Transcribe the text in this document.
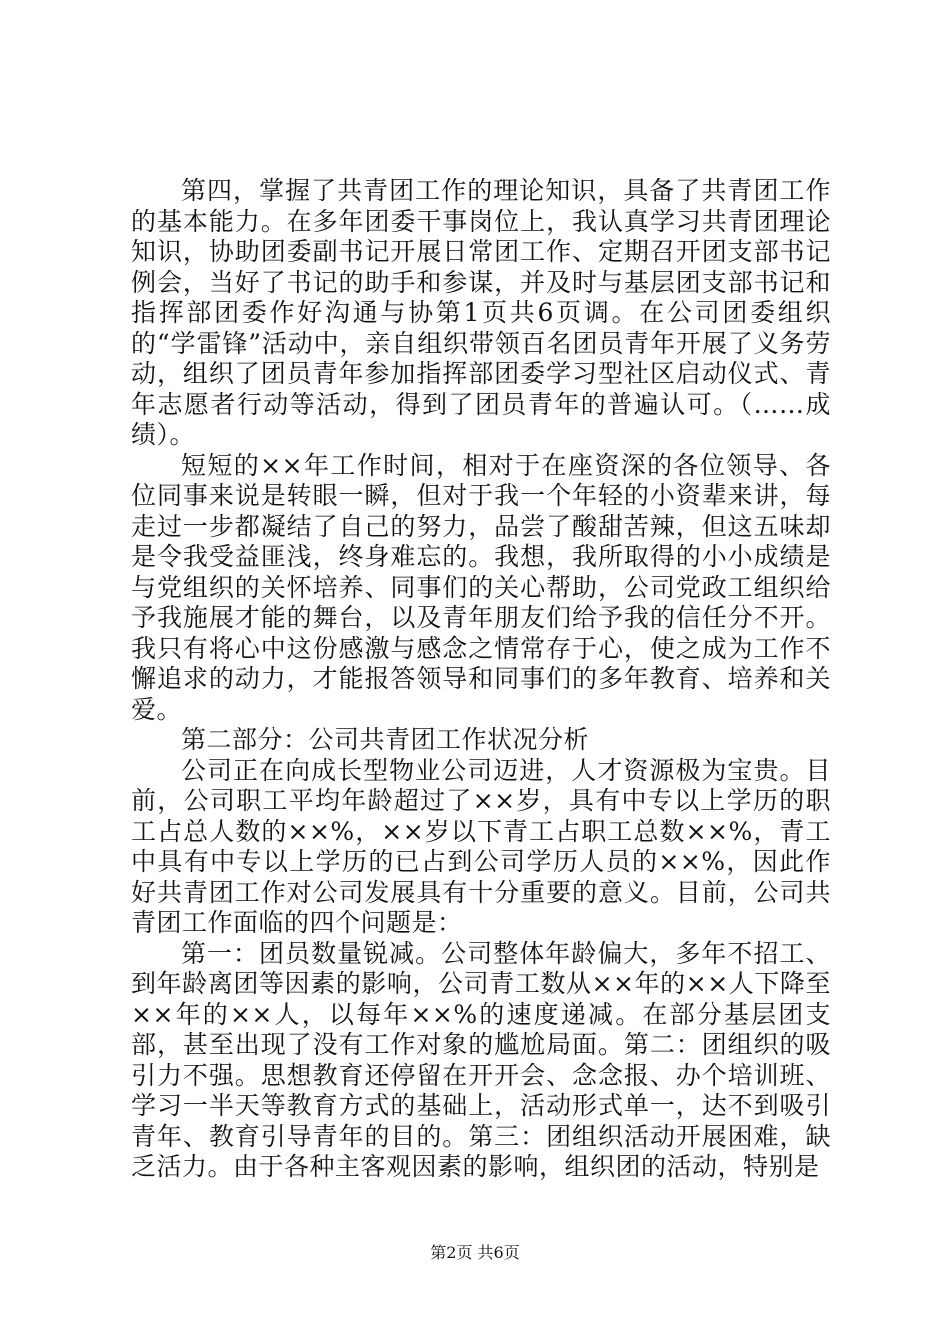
第四，掌握了共青团工作的理论知识，具备了共青团工作的基本能力。在多年团委干事岗位上，我认真学习共青团理论知识，协助团委副书记开展日常团工作、定期召开团支部书记例会，当好了书记的助手和参谋，并及时与基层团支部书记和指挥部团委作好沟通与协第1页共6页调。在公司团委组织的“学雷锋”活动中，亲自组织带领百名团员青年开展了义务劳动，组织了团员青年参加指挥部团委学习型社区启动仪式、青年志愿者行动等活动，得到了团员青年的普遍认可。（……成绩）。

短短的××年工作时间，相对于在座资深的各位领导、各位同事来说是转眼一瞬，但对于我一个年轻的小资辈来讲，每走过一步都凝结了自己的努力，品尝了酸甜苦辣，但这五味却是令我受益匪浅，终身难忘的。我想，我所取得的小小成绩是与党组织的关怀培养、同事们的关心帮助，公司党政工组织给予我施展才能的舞台，以及青年朋友们给予我的信任分不开。我只有将心中这份感激与感念之情常存于心，使之成为工作不懈追求的动力，才能报答领导和同事们的多年教育、培养和关爱。

第二部分：公司共青团工作状况分析

公司正在向成长型物业公司迈进，人才资源极为宝贵。目前，公司职工平均年龄超过了××岁，具有中专以上学历的职工占总人数的××%，××岁以下青工占职工总数××%，青工中具有中专以上学历的已占到公司学历人员的××%，因此作好共青团工作对公司发展具有十分重要的意义。目前，公司共青团工作面临的四个问题是：

第一：团员数量锐减。公司整体年龄偏大，多年不招工、到年龄离团等因素的影响，公司青工数从××年的××人下降至××年的××人，以每年××%的速度递减。在部分基层团支部，甚至出现了没有工作对象的尴尬局面。第二：团组织的吸引力不强。思想教育还停留在开开会、念念报、办个培训班、学习一半天等教育方式的基础上，活动形式单一，达不到吸引青年、教育引导青年的目的。第三：团组织活动开展困难，缺乏活力。由于各种主客观因素的影响，组织团的活动，特别是

第2页 共6页
